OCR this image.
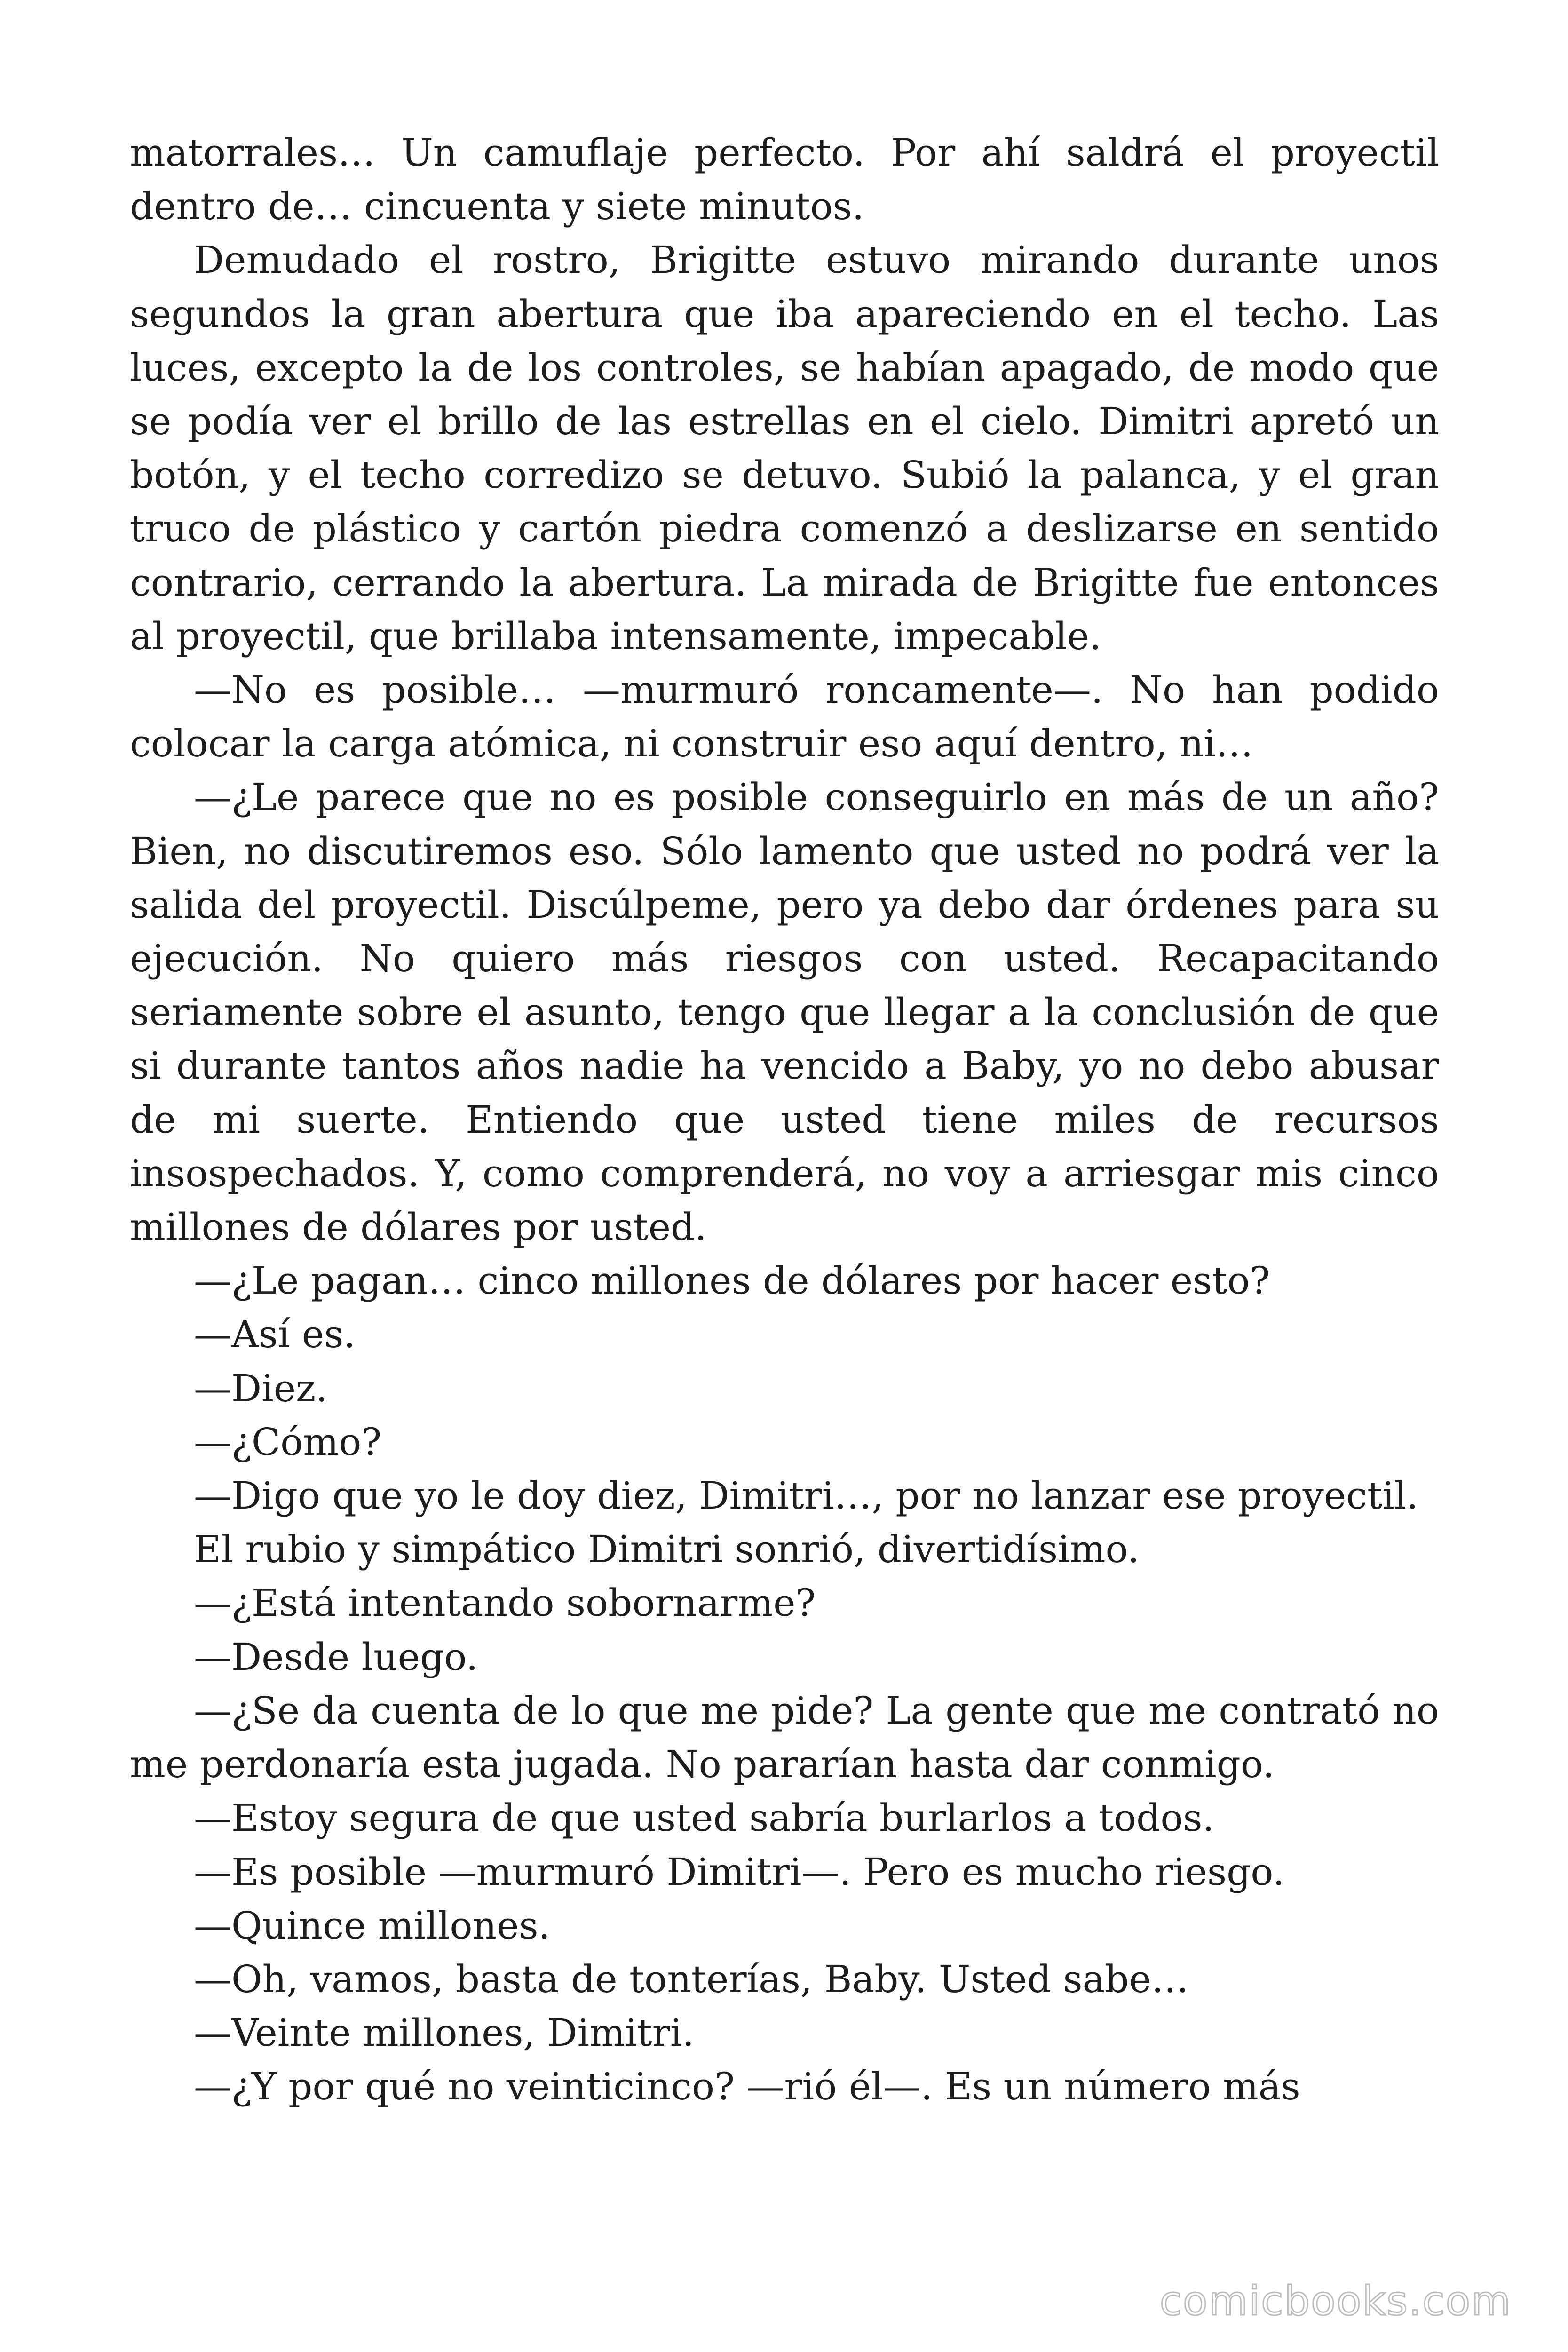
matorrales… Un camuflaje perfecto. Por ahí saldrá el proyectil dentro de… cincuenta y siete minutos.

Demudado el rostro, Brigitte estuvo mirando durante unos segundos la gran abertura que iba apareciendo en el techo. Las luces, excepto la de los controles, se habían apagado, de modo que se podía ver el brillo de las estrellas en el cielo. Dimitri apretó un botón, y el techo corredizo se detuvo. Subió la palanca, y el gran truco de plástico y cartón piedra comenzó a deslizarse en sentido contrario, cerrando la abertura. La mirada de Brigitte fue entonces al proyectil, que brillaba intensamente, impecable.

—No es posible… —murmuró roncamente—. No han podido colocar la carga atómica, ni construir eso aquí dentro, ni…

—¿Le parece que no es posible conseguirlo en más de un año? Bien, no discutiremos eso. Sólo lamento que usted no podrá ver la salida del proyectil. Discúlpeme, pero ya debo dar órdenes para su ejecución. No quiero más riesgos con usted. Recapacitando seriamente sobre el asunto, tengo que llegar a la conclusión de que si durante tantos años nadie ha vencido a Baby, yo no debo abusar de mi suerte. Entiendo que usted tiene miles de recursos insospechados. Y, como comprenderá, no voy a arriesgar mis cinco millones de dólares por usted.

—¿Le pagan… cinco millones de dólares por hacer esto?

—Así es.

—Diez.

—¿Cómo?

—Digo que yo le doy diez, Dimitri…, por no lanzar ese proyectil.

El rubio y simpático Dimitri sonrió, divertidísimo.

—¿Está intentando sobornarme?

—Desde luego.

—¿Se da cuenta de lo que me pide? La gente que me contrató no me perdonaría esta jugada. No pararían hasta dar conmigo.

—Estoy segura de que usted sabría burlarlos a todos.

—Es posible —murmuró Dimitri—. Pero es mucho riesgo.

—Quince millones.

—Oh, vamos, basta de tonterías, Baby. Usted sabe…

—Veinte millones, Dimitri.

—¿Y por qué no veinticinco? —rió él—. Es un número más

comicbooks.com
